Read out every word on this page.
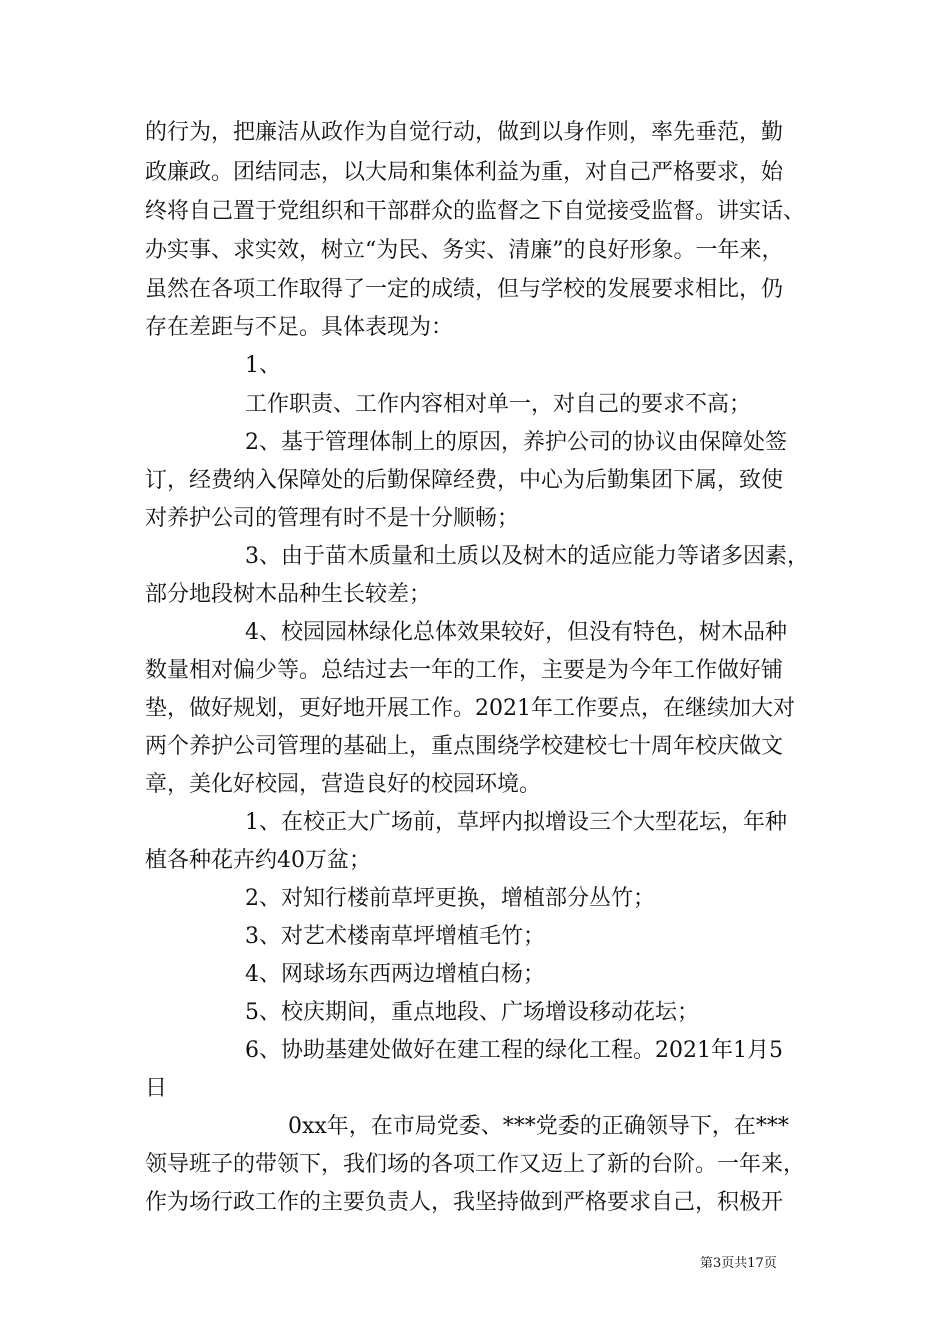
的行为，把廉洁从政作为自觉行动，做到以身作则，率先垂范，勤
政廉政。团结同志，以大局和集体利益为重，对自己严格要求，始
终将自己置于党组织和干部群众的监督之下自觉接受监督。讲实话、
办实事、求实效，树立“为民、务实、清廉”的良好形象。一年来，
虽然在各项工作取得了一定的成绩，但与学校的发展要求相比，仍
存在差距与不足。具体表现为：
1、
工作职责、工作内容相对单一，对自己的要求不高；
2、基于管理体制上的原因，养护公司的协议由保障处签
订，经费纳入保障处的后勤保障经费，中心为后勤集团下属，致使
对养护公司的管理有时不是十分顺畅；
3、由于苗木质量和土质以及树木的适应能力等诸多因素，
部分地段树木品种生长较差；
4、校园园林绿化总体效果较好，但没有特色，树木品种
数量相对偏少等。总结过去一年的工作，主要是为今年工作做好铺
垫，做好规划，更好地开展工作。2021年工作要点，在继续加大对
两个养护公司管理的基础上，重点围绕学校建校七十周年校庆做文
章，美化好校园，营造良好的校园环境。
1、在校正大广场前，草坪内拟增设三个大型花坛，年种
植各种花卉约40万盆；
2、对知行楼前草坪更换，增植部分丛竹；
3、对艺术楼南草坪增植毛竹；
4、网球场东西两边增植白杨；
5、校庆期间，重点地段、广场增设移动花坛；
6、协助基建处做好在建工程的绿化工程。2021年1月5
日
0xx年，在市局党委、***党委的正确领导下，在***
领导班子的带领下，我们场的各项工作又迈上了新的台阶。一年来，
作为场行政工作的主要负责人，我坚持做到严格要求自己，积极开
第3页共17页
